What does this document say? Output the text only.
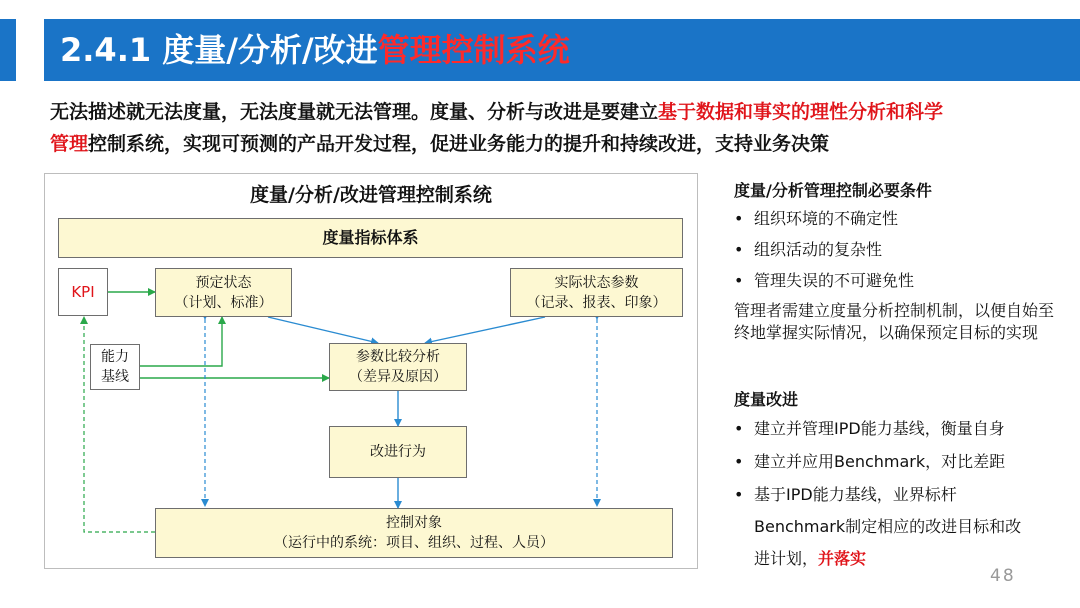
2.4.1 度量/分析/改进管理控制系统
无法描述就无法度量，无法度量就无法管理。度量、分析与改进是要建立基于数据和事实的理性分析和科学
管理控制系统，实现可预测的产品开发过程，促进业务能力的提升和持续改进，支持业务决策
度量/分析/改进管理控制系统
度量指标体系
KPI
预定状态
（计划、标准）
实际状态参数
（记录、报表、印象）
能力
基线
参数比较分析
（差异及原因）
改进行为
控制对象
（运行中的系统：项目、组织、过程、人员）
度量/分析管理控制必要条件
• 组织环境的不确定性
• 组织活动的复杂性
• 管理失误的不可避免性
管理者需建立度量分析控制机制，以便自始至终地掌握实际情况，以确保预定目标的实现
度量改进
• 建立并管理IPD能力基线，衡量自身
• 建立并应用Benchmark，对比差距
• 基于IPD能力基线，业界标杆
Benchmark制定相应的改进目标和改
进计划，并落实
48
